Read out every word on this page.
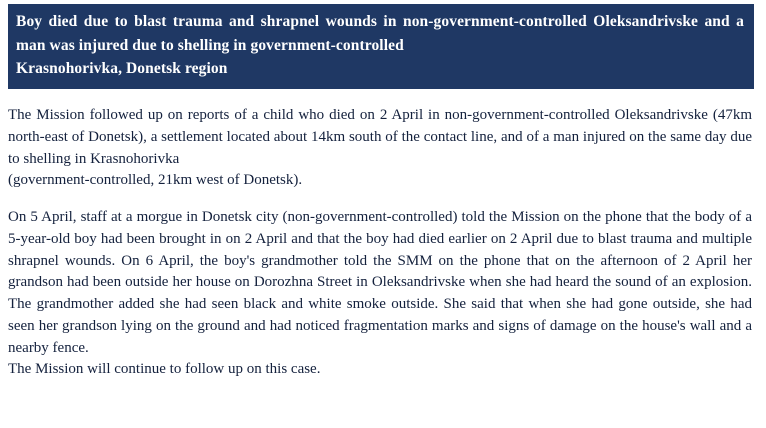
Boy died due to blast trauma and shrapnel wounds in non-government-controlled Oleksandrivske and a man was injured due to shelling in government-controlled
Krasnohorivka, Donetsk region

The Mission followed up on reports of a child who died on 2 April in non-government-controlled Oleksandrivske (47km north-east of Donetsk), a settlement located about 14km south of the contact line, and of a man injured on the same day due to shelling in Krasnohorivka
(government-controlled, 21km west of Donetsk).

On 5 April, staff at a morgue in Donetsk city (non-government-controlled) told the Mission on the phone that the body of a 5-year-old boy had been brought in on 2 April and that the boy had died earlier on 2 April due to blast trauma and multiple shrapnel wounds. On 6 April, the boy's grandmother told the SMM on the phone that on the afternoon of 2 April her grandson had been outside her house on Dorozhna Street in Oleksandrivske when she had heard the sound of an explosion. The grandmother added she had seen black and white smoke outside. She said that when she had gone outside, she had seen her grandson lying on the ground and had noticed fragmentation marks and signs of damage on the house's wall and a nearby fence.
The Mission will continue to follow up on this case.
